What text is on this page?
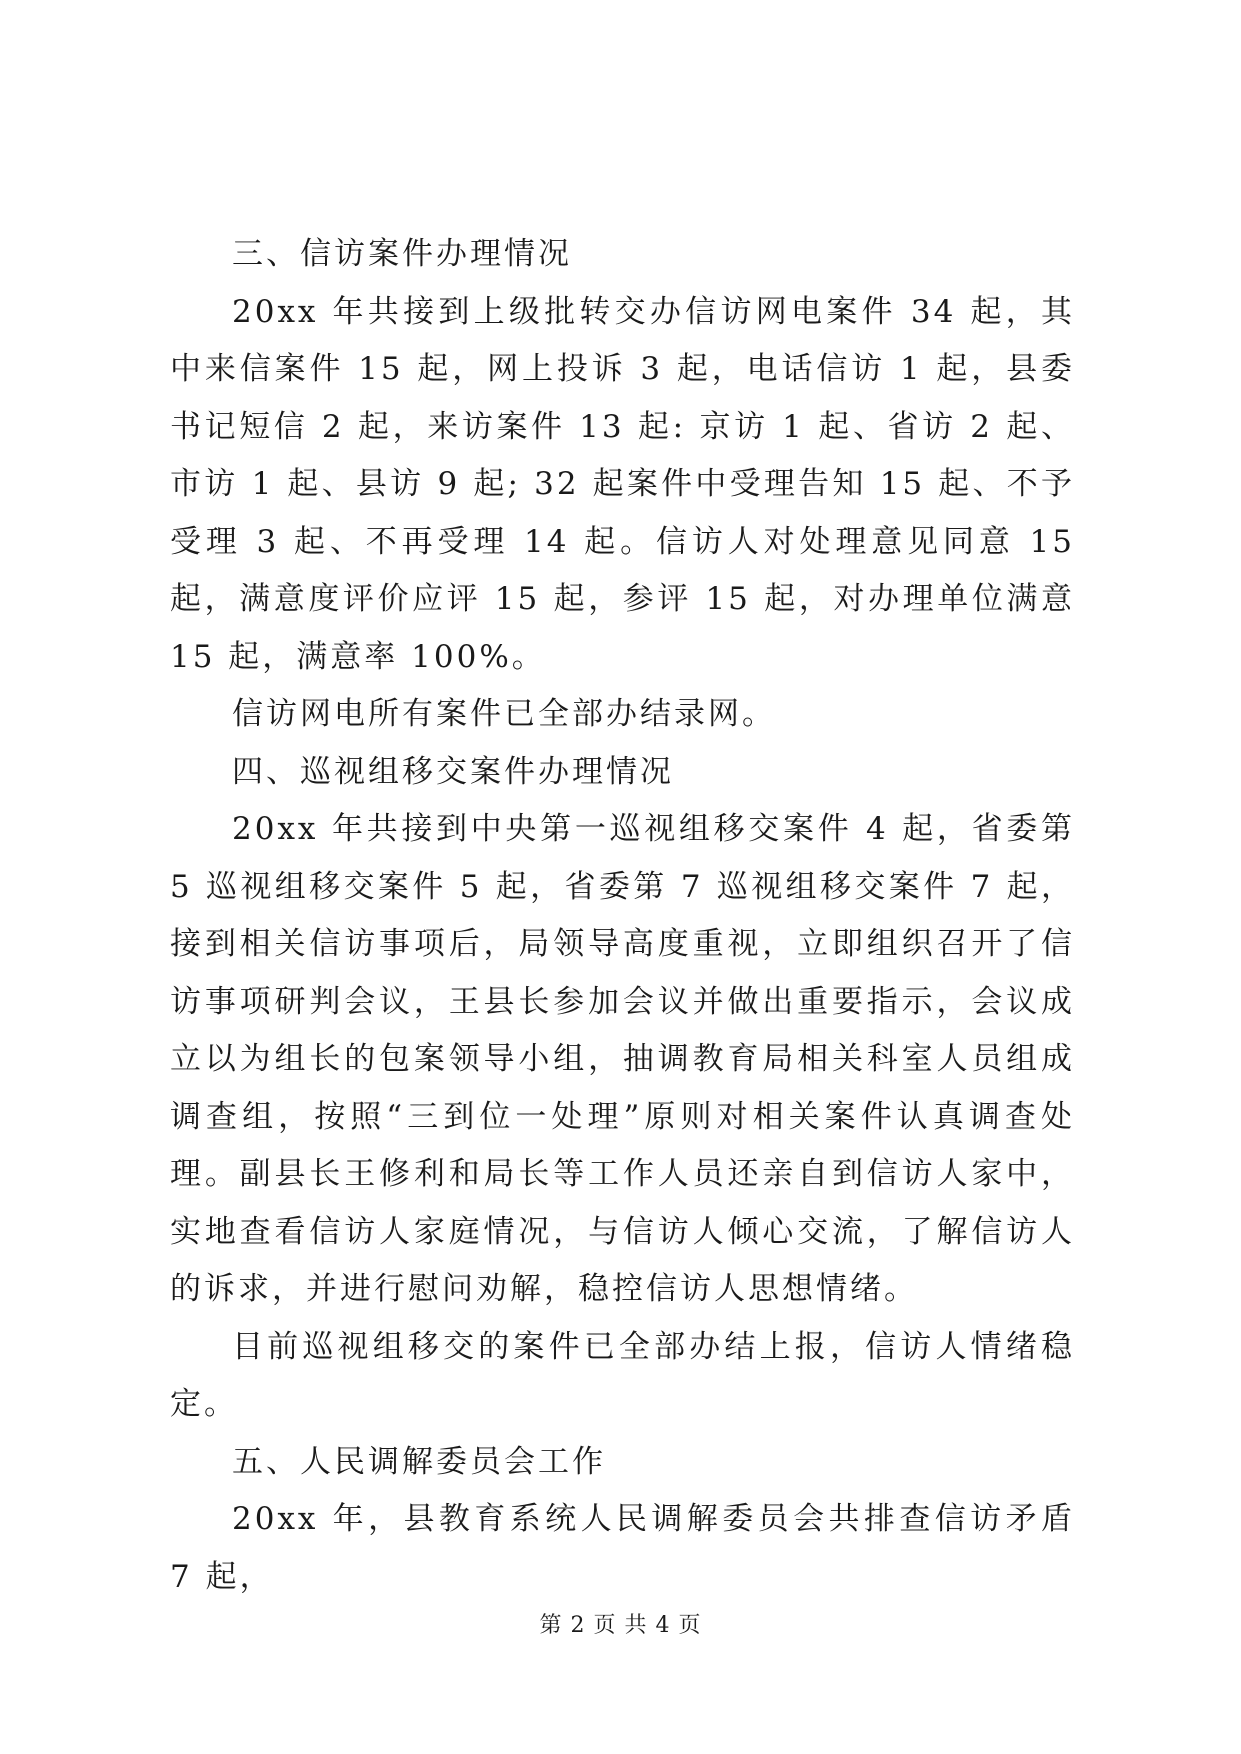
三、信访案件办理情况

20xx 年共接到上级批转交办信访网电案件 34 起，其中来信案件 15 起，网上投诉 3 起，电话信访 1 起，县委书记短信 2 起，来访案件 13 起: 京访 1 起、省访 2 起、市访 1 起、县访 9 起; 32 起案件中受理告知 15 起、不予受理 3 起、不再受理 14 起。信访人对处理意见同意 15 起，满意度评价应评 15 起，参评 15 起，对办理单位满意 15 起，满意率 100%。

信访网电所有案件已全部办结录网。

四、巡视组移交案件办理情况

20xx 年共接到中央第一巡视组移交案件 4 起，省委第 5 巡视组移交案件 5 起，省委第 7 巡视组移交案件 7 起，接到相关信访事项后，局领导高度重视，立即组织召开了信访事项研判会议，王县长参加会议并做出重要指示，会议成立以为组长的包案领导小组，抽调教育局相关科室人员组成调查组，按照“三到位一处理”原则对相关案件认真调查处理。副县长王修利和局长等工作人员还亲自到信访人家中，实地查看信访人家庭情况，与信访人倾心交流，了解信访人的诉求，并进行慰问劝解，稳控信访人思想情绪。

目前巡视组移交的案件已全部办结上报，信访人情绪稳定。

五、人民调解委员会工作

20xx 年，县教育系统人民调解委员会共排查信访矛盾 7 起，

第 2 页 共 4 页
